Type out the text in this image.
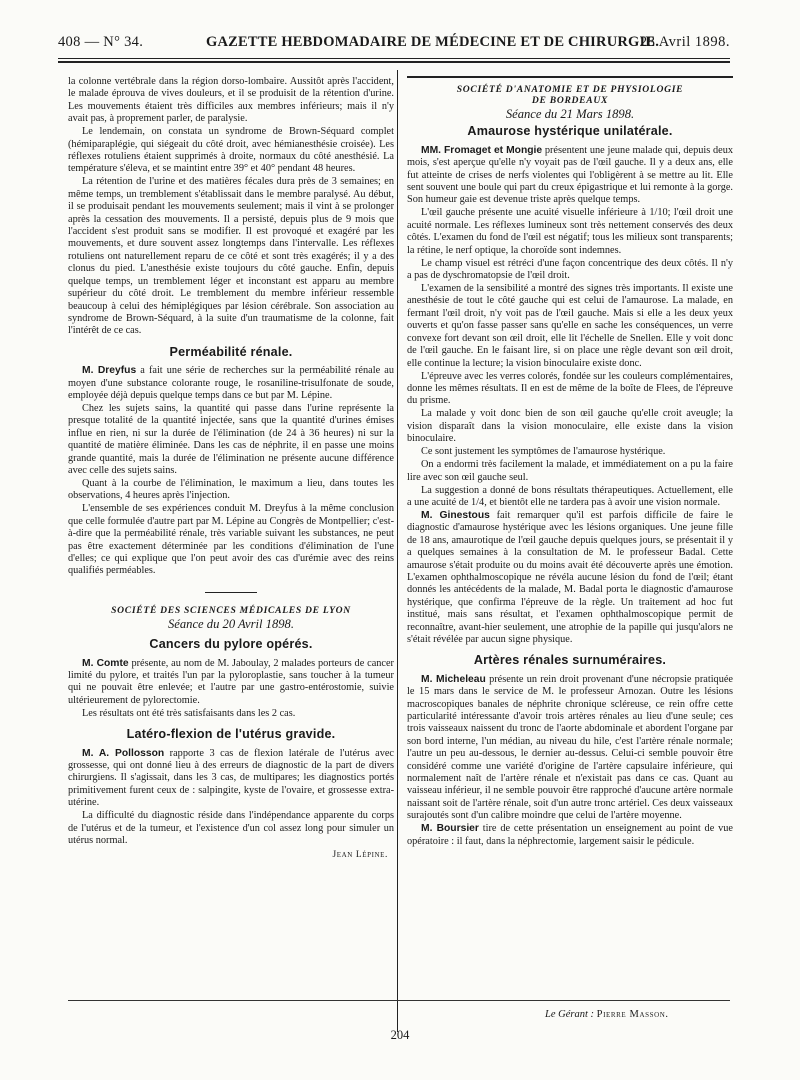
408 — N° 34.	GAZETTE HEBDOMADAIRE DE MÉDECINE ET DE CHIRURGIE.
28 Avril 1898.

la colonne vertébrale dans la région dorso-lombaire. Aussitôt après l'accident, le malade éprouva de vives douleurs, et il se produisit de la rétention d'urine. Les mouvements étaient très difficiles aux membres inférieurs; mais il n'y avait pas, à proprement parler, de paralysie.

Le lendemain, on constata un syndrome de Brown-Séquard complet (hémiparaplégie, qui siégeait du côté droit, avec hémianesthésie croisée). Les réflexes rotuliens étaient supprimés à droite, normaux du côté anesthésié. La température s'éleva, et se maintint entre 39° et 40° pendant 48 heures.

La rétention de l'urine et des matières fécales dura près de 3 semaines; en même temps, un tremblement s'établissait dans le membre paralysé. Au début, il se produisait pendant les mouvements seulement; mais il vint à se prolonger après la cessation des mouvements. Il a persisté, depuis plus de 9 mois que l'accident s'est produit sans se modifier. Il est provoqué et exagéré par les mouvements, et dure souvent assez longtemps dans l'intervalle. Les réflexes rotuliens ont naturellement reparu de ce côté et sont très exagérés; il y a des clonus du pied. L'anesthésie existe toujours du côté gauche. Enfin, depuis quelque temps, un tremblement léger et inconstant est apparu au membre supérieur du côté droit. Le tremblement du membre inférieur ressemble beaucoup à celui des hémiplégiques par lésion cérébrale. Son association au syndrome de Brown-Séquard, à la suite d'un traumatisme de la colonne, fait l'intérêt de ce cas.

Perméabilité rénale.

M. Dreyfus a fait une série de recherches sur la perméabilité rénale au moyen d'une substance colorante rouge, le rosaniline-trisulfonate de soude, employée déjà depuis quelque temps dans ce but par M. Lépine.

Chez les sujets sains, la quantité qui passe dans l'urine représente la presque totalité de la quantité injectée, sans que la quantité d'urines émises influe en rien, ni sur la durée de l'élimination (de 24 à 36 heures) ni sur la quantité de matière éliminée. Dans les cas de néphrite, il en passe une moins grande quantité, mais la durée de l'élimination ne présente aucune différence avec celle des sujets sains.

Quant à la courbe de l'élimination, le maximum a lieu, dans toutes les observations, 4 heures après l'injection.

L'ensemble de ses expériences conduit M. Dreyfus à la même conclusion que celle formulée d'autre part par M. Lépine au Congrès de Montpellier; c'est-à-dire que la perméabilité rénale, très variable suivant les substances, ne peut pas être exactement déterminée par les conditions d'élimination de l'une d'elles; ce qui explique que l'on peut avoir des cas d'urémie avec des reins qualifiés perméables.

SOCIÉTÉ DES SCIENCES MÉDICALES DE LYON
Séance du 20 Avril 1898.
Cancers du pylore opérés.

M. Comte présente, au nom de M. Jaboulay, 2 malades porteurs de cancer limité du pylore, et traités l'un par la pyloroplastie, sans toucher à la tumeur qui ne pouvait être enlevée; et l'autre par une gastro-entérostomie, suivie ultérieurement de pylorectomie.

Les résultats ont été très satisfaisants dans les 2 cas.

Latéro-flexion de l'utérus gravide.

M. A. Pollosson rapporte 3 cas de flexion latérale de l'utérus avec grossesse, qui ont donné lieu à des erreurs de diagnostic de la part de divers chirurgiens. Il s'agissait, dans les 3 cas, de multipares; les diagnostics portés primitivement furent ceux de : salpingite, kyste de l'ovaire, et grossesse extra-utérine.

La difficulté du diagnostic réside dans l'indépendance apparente du corps de l'utérus et de la tumeur, et l'existence d'un col assez long pour simuler un utérus normal.

Jean Lépine.
SOCIÉTÉ D'ANATOMIE ET DE PHYSIOLOGIE
DE BORDEAUX
Séance du 21 Mars 1898.
Amaurose hystérique unilatérale.

MM. Fromaget et Mongie présentent une jeune malade qui, depuis deux mois, s'est aperçue qu'elle n'y voyait pas de l'œil gauche. Il y a deux ans, elle fut atteinte de crises de nerfs violentes qui l'obligèrent à se mettre au lit. Elle sent souvent une boule qui part du creux épigastrique et lui remonte à la gorge. Son humeur gaie est devenue triste après quelque temps.

L'œil gauche présente une acuité visuelle inférieure à 1/10; l'œil droit une acuité normale. Les réflexes lumineux sont très nettement conservés des deux côtés. L'examen du fond de l'œil est négatif; tous les milieux sont transparents; la rétine, le nerf optique, la choroïde sont indemnes.

Le champ visuel est rétréci d'une façon concentrique des deux côtés. Il n'y a pas de dyschromatopsie de l'œil droit.

L'examen de la sensibilité a montré des signes très importants. Il existe une anesthésie de tout le côté gauche qui est celui de l'amaurose. La malade, en fermant l'œil droit, n'y voit pas de l'œil gauche. Mais si elle a les deux yeux ouverts et qu'on fasse passer sans qu'elle en sache les conséquences, un verre convexe fort devant son œil droit, elle lit l'échelle de Snellen. Elle y voit donc de l'œil gauche. En le faisant lire, si on place une règle devant son œil droit, elle continue la lecture; la vision binoculaire existe donc.

L'épreuve avec les verres colorés, fondée sur les couleurs complémentaires, donne les mêmes résultats. Il en est de même de la boîte de Flees, de l'épreuve du prisme.

La malade y voit donc bien de son œil gauche qu'elle croit aveugle; la vision disparaît dans la vision monoculaire, elle existe dans la vision binoculaire.

Ce sont justement les symptômes de l'amaurose hystérique.

On a endormi très facilement la malade, et immédiatement on a pu la faire lire avec son œil gauche seul.

La suggestion a donné de bons résultats thérapeutiques. Actuellement, elle a une acuité de 1/4, et bientôt elle ne tardera pas à avoir une vision normale.

M. Ginestous fait remarquer qu'il est parfois difficile de faire le diagnostic d'amaurose hystérique avec les lésions organiques. Une jeune fille de 18 ans, amaurotique de l'œil gauche depuis quelques jours, se présentait il y a quelques semaines à la consultation de M. le professeur Badal. Cette amaurose s'était produite ou du moins avait été découverte après une émotion. L'examen ophthalmoscopique ne révéla aucune lésion du fond de l'œil; étant donnés les antécédents de la malade, M. Badal porta le diagnostic d'amaurose hystérique, que confirma l'épreuve de la règle. Un traitement ad hoc fut institué, mais sans résultat, et l'examen ophthalmoscopique permit de reconnaître, avant-hier seulement, une atrophie de la papille qui jusqu'alors ne s'était révélée par aucun signe physique.

Artères rénales surnuméraires.

M. Micheleau présente un rein droit provenant d'une nécropsie pratiquée le 15 mars dans le service de M. le professeur Arnozan. Outre les lésions macroscopiques banales de néphrite chronique scléreuse, ce rein offre cette particularité intéressante d'avoir trois artères rénales au lieu d'une seule; ces trois vaisseaux naissent du tronc de l'aorte abdominale et abordent l'organe par son bord interne, l'un médian, au niveau du hile, c'est l'artère rénale normale; l'autre un peu au-dessous, le dernier au-dessus. Celui-ci semble pouvoir être considéré comme une variété d'origine de l'artère capsulaire inférieure, qui normalement naît de l'artère rénale et n'existait pas dans ce cas. Quant au vaisseau inférieur, il ne semble pouvoir être rapproché d'aucune artère normale naissant soit de l'artère rénale, soit d'un autre tronc artériel. Ces deux vaisseaux surajoutés sont d'un calibre moindre que celui de l'artère moyenne.

M. Boursier tire de cette présentation un enseignement au point de vue opératoire : il faut, dans la néphrectomie, largement saisir le pédicule.

Le Gérant : Pierre Masson.
204
